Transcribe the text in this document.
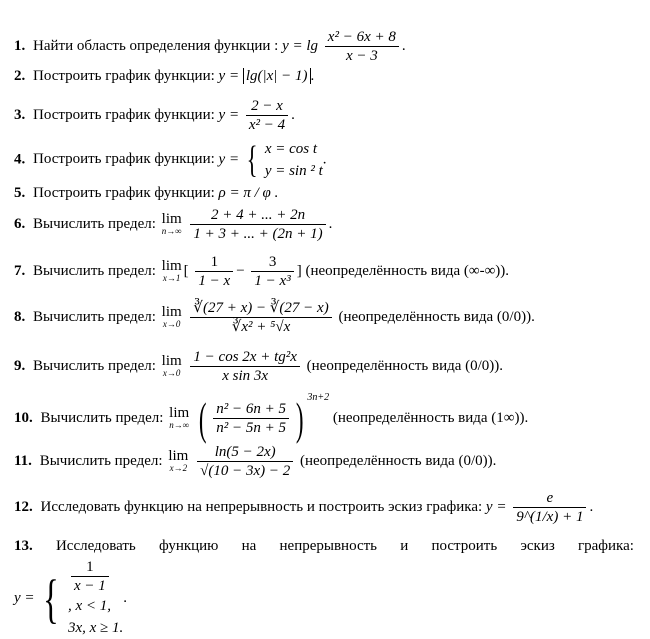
1. Найти область определения функции : $y = \lg \frac{\text{x² − 6x + 8}}{x - 3}$ .
2. Построить график функции: y = lg(|x| − 1) .
3. Построить график функции: $y = \frac{2 - x}{\text{x² − 4}}$ .
4. Построить график функции: y = { x = cos t
y = sin ² t
.
5. Построить график функции: ρ = π / φ .
6. Вычислить предел: lim
n→∞
$\frac{2 + 4 + ... + 2n}{1 + 3 + ... + (2n + 1)}$ .
7. Вычислить предел: lim
x→1 [ $\frac{1}{1 - x} - \frac{3}{\text{1 − x³}}$ ] (неопределённость вида (∞-∞)).
8. Вычислить предел: lim
x→0
$\frac{∛(27 + x) - ∛(27 - x)}{\text{∛x² + ⁵√x}}$ (неопределённость вида (0/0)).
9. Вычислить предел: lim
x→0
$\frac{\text{1 − cos 2x + tg²x}}{\text{x sin 3x}}$ (неопределённость вида (0/0)).
10. Вычислить предел: lim
n→∞ ( $\frac{\text{n² − 6n + 5}}{\text{n² − 5n + 5}}$ ) $^{3n+2}$ (неопределённость вида (1∞)).
11. Вычислить предел: lim
x→2
$\frac{\ln(5 - 2x)}{√(10 - 3x) - 2}$ (неопределённость вида (0/0)).
12. Исследовать функцию на непрерывность и построить эскиз графика: $y = \frac{e}{9\^{}(1/x) + 1}$ .
13. Исследовать функцию на непрерывность и построить эскиз графика:
y = { $\frac{1}{x - 1}$
, x < 1,
3x, x ≥ 1.
.
